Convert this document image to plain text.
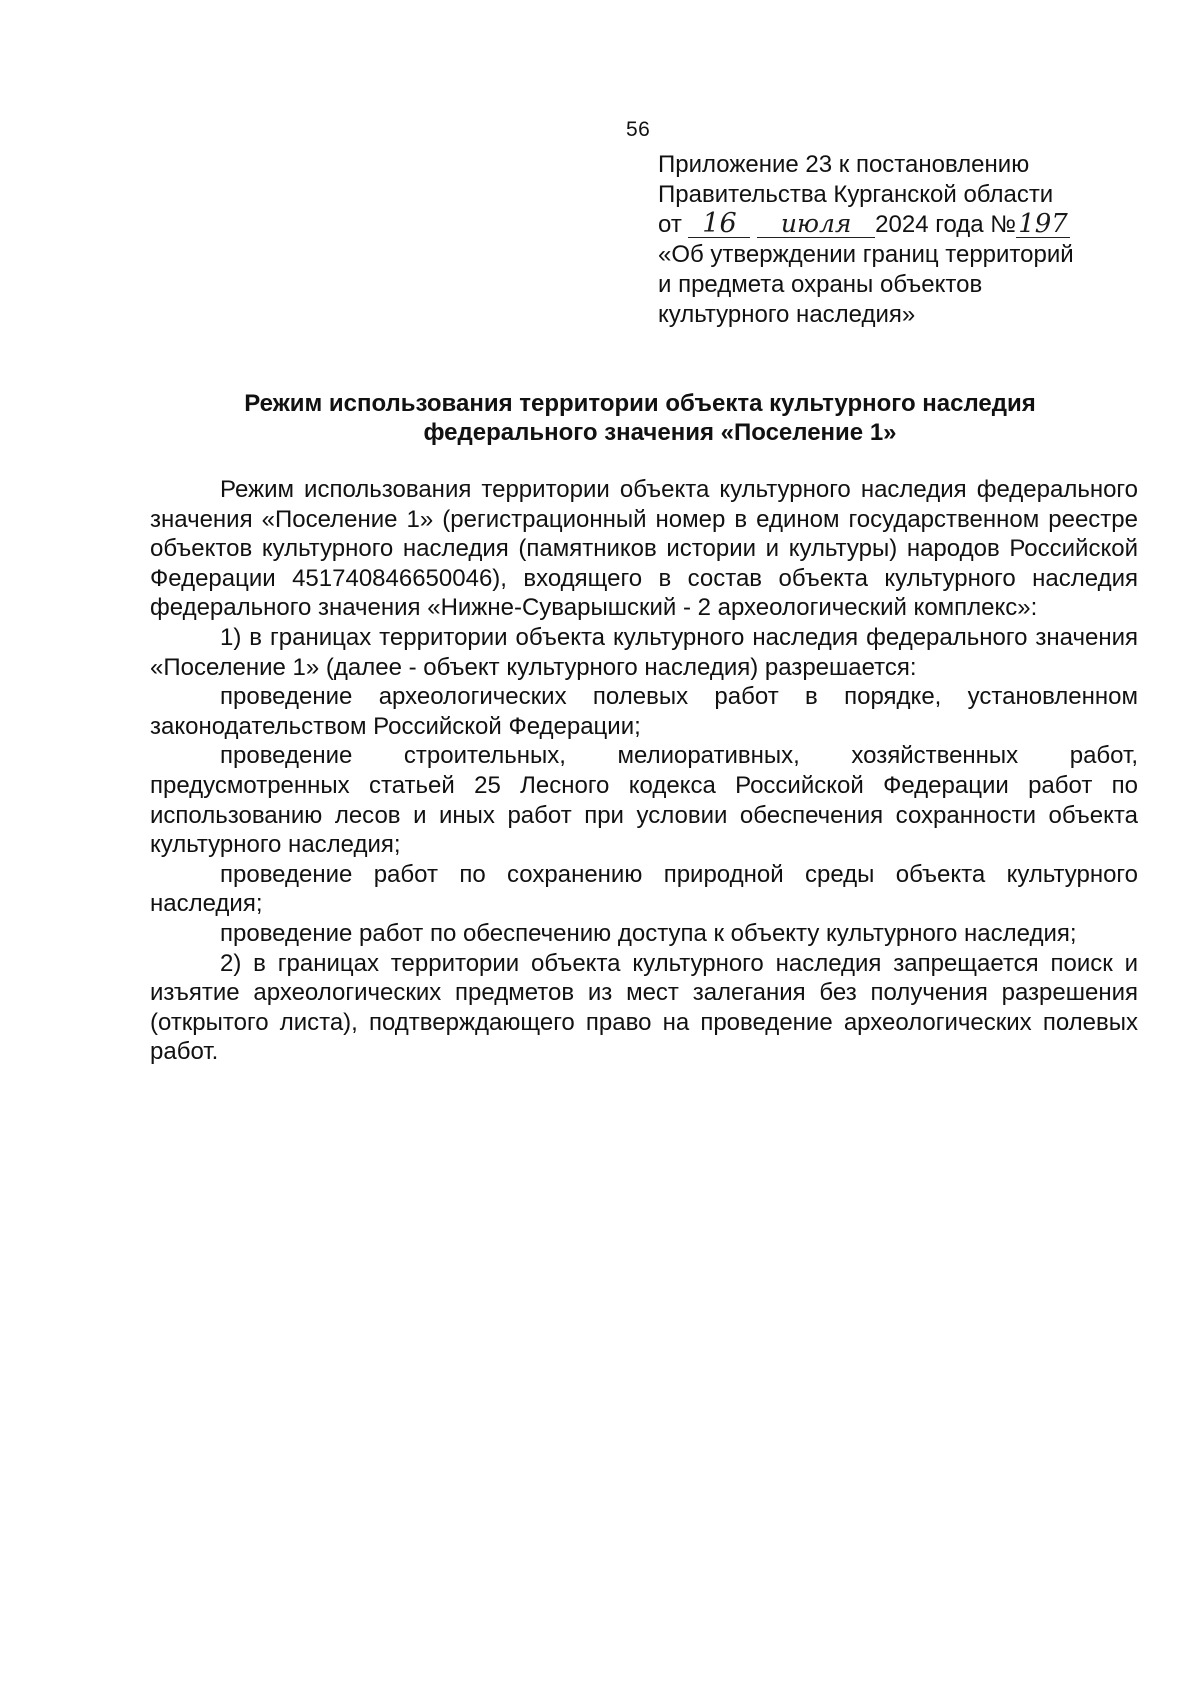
56
Приложение 23 к постановлению
Правительства Курганской области
от 16 июля 2024 года №197
«Об утверждении границ территорий
и предмета охраны объектов
культурного наследия»
Режим использования территории объекта культурного наследия
федерального значения «Поселение 1»

Режим использования территории объекта культурного наследия федерального значения «Поселение 1» (регистрационный номер в едином государственном реестре объектов культурного наследия (памятников истории и культуры) народов Российской Федерации 451740846650046), входящего в состав объекта культурного наследия федерального значения «Нижне-Суварышский - 2 археологический комплекс»:

1) в границах территории объекта культурного наследия федерального значения «Поселение 1» (далее - объект культурного наследия) разрешается:

проведение археологических полевых работ в порядке, установленном законодательством Российской Федерации;

проведение строительных, мелиоративных, хозяйственных работ, предусмотренных статьей 25 Лесного кодекса Российской Федерации работ по использованию лесов и иных работ при условии обеспечения сохранности объекта культурного наследия;

проведение работ по сохранению природной среды объекта культурного наследия;

проведение работ по обеспечению доступа к объекту культурного наследия;

2) в границах территории объекта культурного наследия запрещается поиск и изъятие археологических предметов из мест залегания без получения разрешения (открытого листа), подтверждающего право на проведение археологических полевых работ.
